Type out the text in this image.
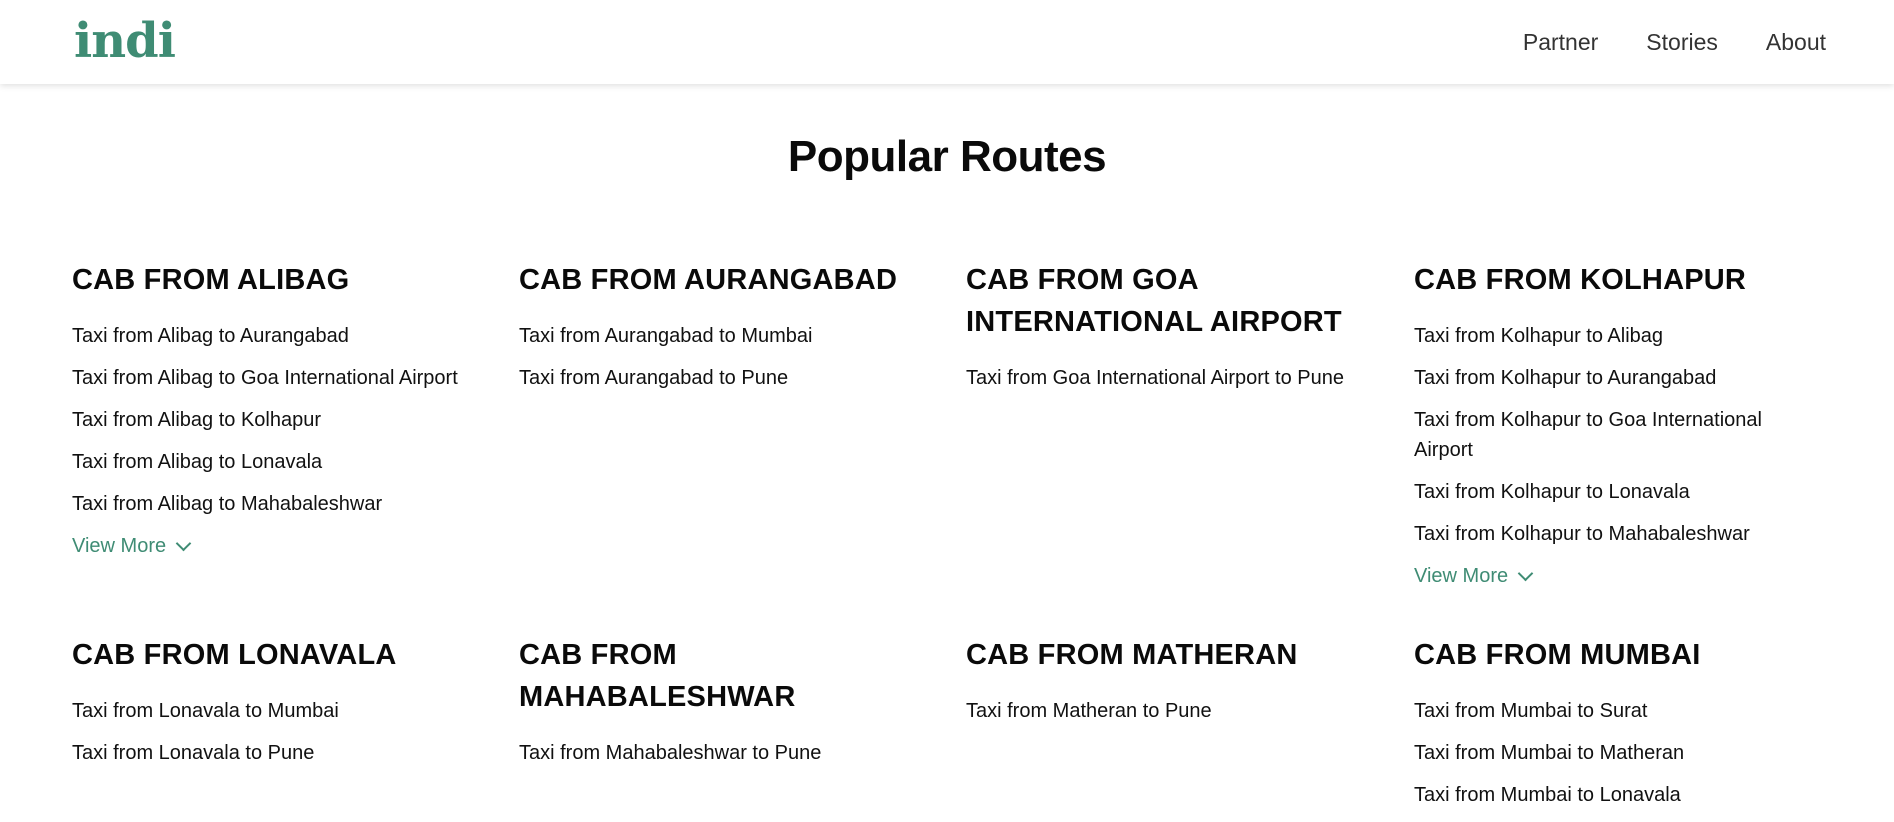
indi	Partner Stories About
Popular Routes
CAB FROM ALIBAG
Taxi from Alibag to Aurangabad
Taxi from Alibag to Goa International Airport
Taxi from Alibag to Kolhapur
Taxi from Alibag to Lonavala
Taxi from Alibag to Mahabaleshwar
View More
CAB FROM AURANGABAD
Taxi from Aurangabad to Mumbai
Taxi from Aurangabad to Pune
CAB FROM GOA INTERNATIONAL AIRPORT
Taxi from Goa International Airport to Pune
CAB FROM KOLHAPUR
Taxi from Kolhapur to Alibag
Taxi from Kolhapur to Aurangabad
Taxi from Kolhapur to Goa International Airport
Taxi from Kolhapur to Lonavala
Taxi from Kolhapur to Mahabaleshwar
View More
CAB FROM LONAVALA
Taxi from Lonavala to Mumbai
Taxi from Lonavala to Pune
CAB FROM MAHABALESHWAR
Taxi from Mahabaleshwar to Pune
CAB FROM MATHERAN
Taxi from Matheran to Pune
CAB FROM MUMBAI
Taxi from Mumbai to Surat
Taxi from Mumbai to Matheran
Taxi from Mumbai to Lonavala
